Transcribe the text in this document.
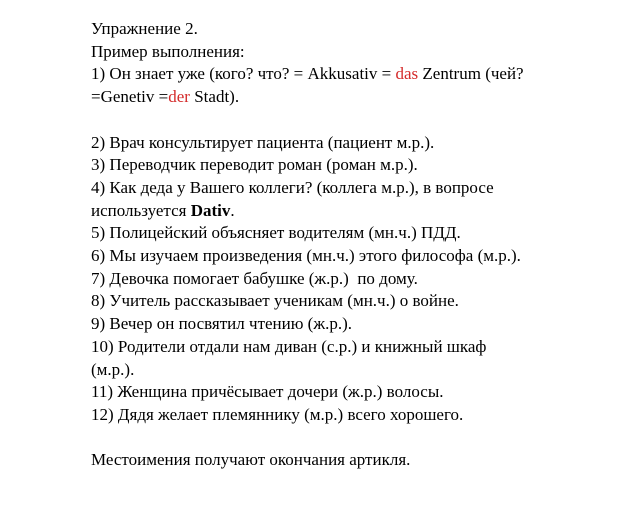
Упражнение 2.
Пример выполнения:
1) Он знает уже (кого? что? = Akkusativ = das Zentrum (чей?
=Genetiv =der Stadt).
2) Врач консультирует пациента (пациент м.р.).
3) Переводчик переводит роман (роман м.р.).
4) Как деда у Вашего коллеги? (коллега м.р.), в вопросе
используется Dativ.
5) Полицейский объясняет водителям (мн.ч.) ПДД.
6) Мы изучаем произведения (мн.ч.) этого философа (м.р.).
7) Девочка помогает бабушке (ж.р.)  по дому.
8) Учитель рассказывает ученикам (мн.ч.) о войне.
9) Вечер он посвятил чтению (ж.р.).
10) Родители отдали нам диван (с.р.) и книжный шкаф
(м.р.).
11) Женщина причёсывает дочери (ж.р.) волосы.
12) Дядя желает племяннику (м.р.) всего хорошего.
Местоимения получают окончания артикля.
